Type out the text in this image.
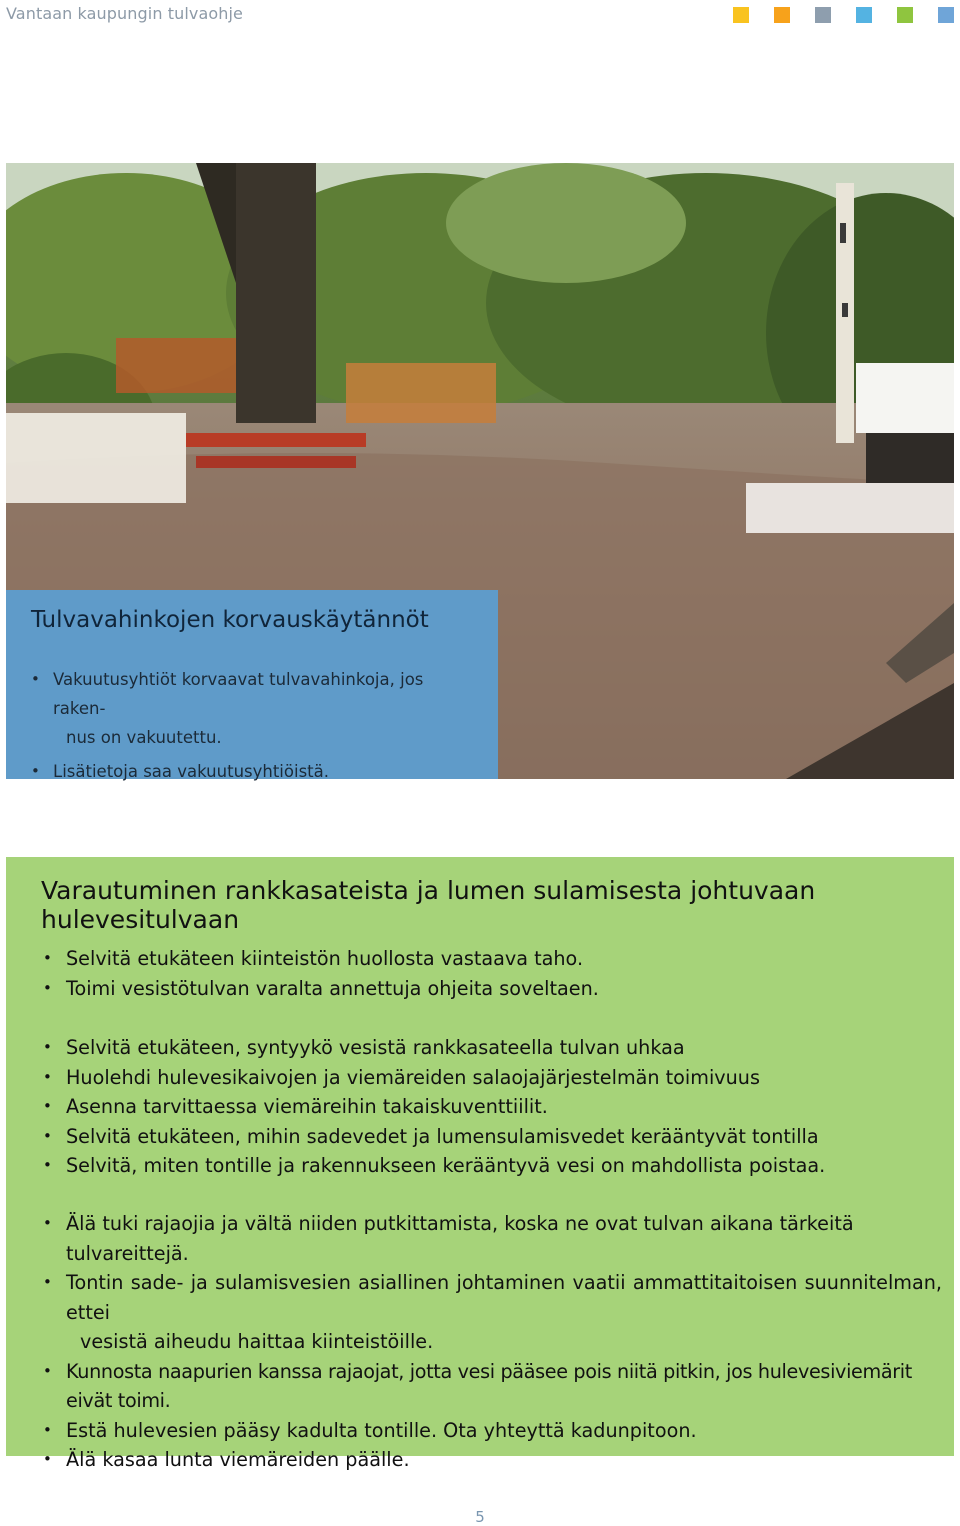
Vantaan kaupungin tulvaohje
Tulvavahinkojen korvauskäytännöt
• Vakuutusyhtiöt korvaavat tulvavahinkoja, jos raken-
nus on vakuutettu.
• Lisätietoja saa vakuutusyhtiöistä.
Varautuminen rankkasateista ja lumen sulamisesta johtuvaan hulevesitulvaan
• Selvitä etukäteen kiinteistön huollosta vastaava taho.
• Toimi vesistötulvan varalta annettuja ohjeita soveltaen.
• Selvitä etukäteen, syntyykö vesistä rankkasateella tulvan uhkaa
• Huolehdi hulevesikaivojen ja viemäreiden salaojajärjestelmän toimivuus
• Asenna tarvittaessa viemäreihin takaiskuventtiilit.
• Selvitä etukäteen, mihin sadevedet ja lumensulamisvedet kerääntyvät tontilla
• Selvitä, miten tontille ja rakennukseen kerääntyvä vesi on mahdollista poistaa.
• Älä tuki rajaojia ja vältä niiden putkittamista, koska ne ovat tulvan aikana tärkeitä tulvareittejä.
• Tontin sade- ja sulamisvesien asiallinen johtaminen vaatii ammattitaitoisen suunnitelman, ettei
vesistä aiheudu haittaa kiinteistöille.
• Kunnosta naapurien kanssa rajaojat, jotta vesi pääsee pois niitä pitkin, jos hulevesiviemärit eivät toimi.
• Estä hulevesien pääsy kadulta tontille. Ota yhteyttä kadunpitoon.
• Älä kasaa lunta viemäreiden päälle.
5
